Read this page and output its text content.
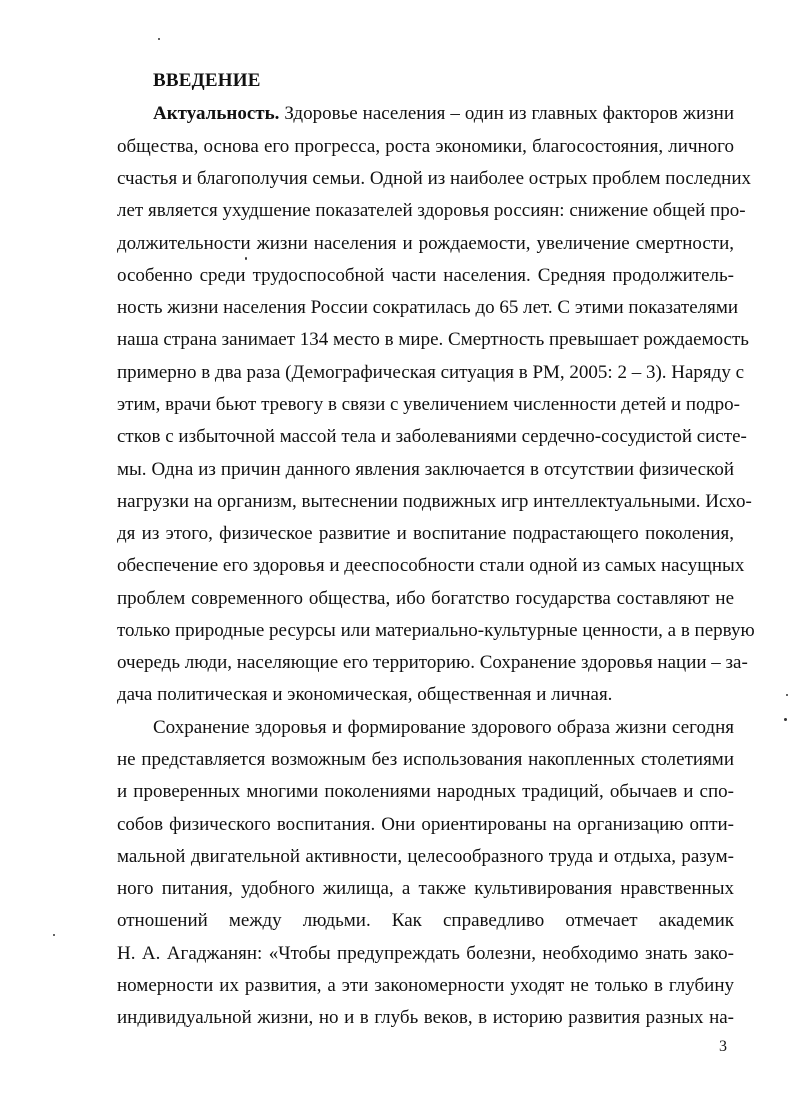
ВВЕДЕНИЕ
Актуальность. Здоровье населения – один из главных факторов жизни
общества, основа его прогресса, роста экономики, благосостояния, личного
счастья и благополучия семьи. Одной из наиболее острых проблем последних
лет является ухудшение показателей здоровья россиян: снижение общей про-
должительности жизни населения и рождаемости, увеличение смертности,
особенно среди трудоспособной части населения. Средняя продолжитель-
ность жизни населения России сократилась до 65 лет. С этими показателями
наша страна занимает 134 место в мире. Смертность превышает рождаемость
примерно в два раза (Демографическая ситуация в РМ, 2005: 2 – 3). Наряду с
этим, врачи бьют тревогу в связи с увеличением численности детей и подро-
стков с избыточной массой тела и заболеваниями сердечно-сосудистой систе-
мы. Одна из причин данного явления заключается в отсутствии физической
нагрузки на организм, вытеснении подвижных игр интеллектуальными. Исхо-
дя из этого, физическое развитие и воспитание подрастающего поколения,
обеспечение его здоровья и дееспособности стали одной из самых насущных
проблем современного общества, ибо богатство государства составляют не
только природные ресурсы или материально-культурные ценности, а в первую
очередь люди, населяющие его территорию. Сохранение здоровья нации – за-
дача политическая и экономическая, общественная и личная.
Сохранение здоровья и формирование здорового образа жизни сегодня
не представляется возможным без использования накопленных столетиями
и проверенных многими поколениями народных традиций, обычаев и спо-
собов физического воспитания. Они ориентированы на организацию опти-
мальной двигательной активности, целесообразного труда и отдыха, разум-
ного питания, удобного жилища, а также культивирования нравственных
отношений между людьми. Как справедливо отмечает академик
Н. А. Агаджанян: «Чтобы предупреждать болезни, необходимо знать зако-
номерности их развития, а эти закономерности уходят не только в глубину
индивидуальной жизни, но и в глубь веков, в историю развития разных на-
3
